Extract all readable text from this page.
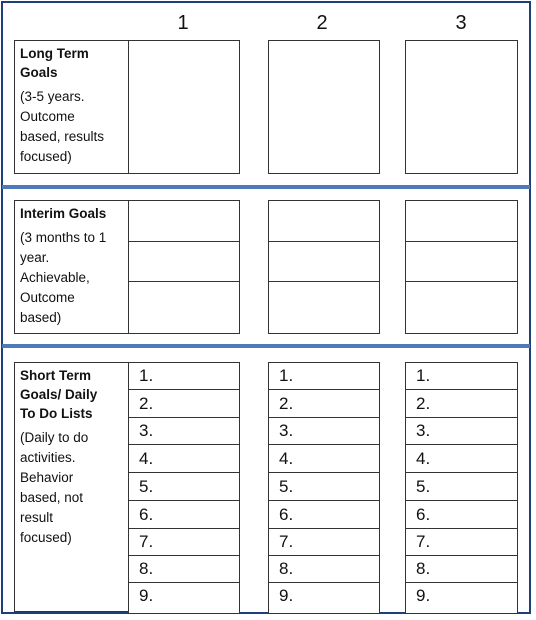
1	2	3
Long Term
Goals
(3-5 years.
Outcome
based, results
focused)
Interim Goals
(3 months to 1
year.
Achievable,
Outcome
based)
Short Term
Goals/ Daily
To Do Lists
(Daily to do
activities.
Behavior
based, not
result
focused)
1.
2.
3.
4.
5.
6.
7.
8.
9.
1.
2.
3.
4.
5.
6.
7.
8.
9.
1.
2.
3.
4.
5.
6.
7.
8.
9.
